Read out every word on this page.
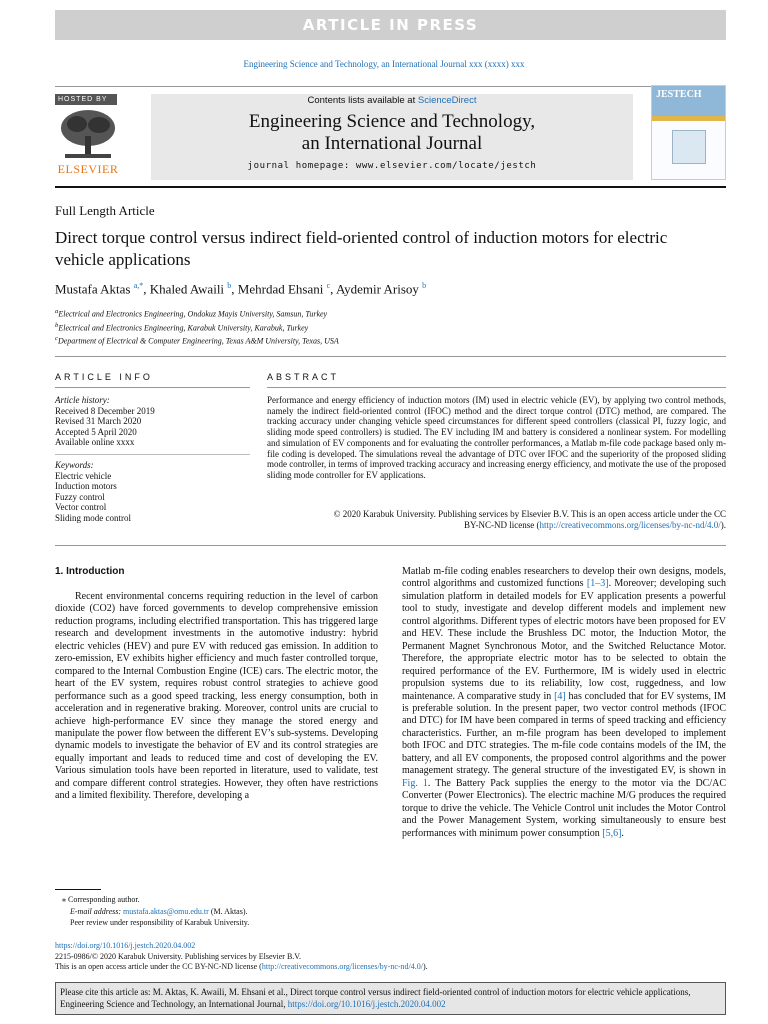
ARTICLE IN PRESS
Engineering Science and Technology, an International Journal xxx (xxxx) xxx
HOSTED BY
ELSEVIER
Contents lists available at ScienceDirect
Engineering Science and Technology,
an International Journal
journal homepage: www.elsevier.com/locate/jestch
JESTECH
Full Length Article
Direct torque control versus indirect field-oriented control of induction motors for electric vehicle applications
Mustafa Aktas $^{a,*}$, Khaled Awaili $^b$, Mehrdad Ehsani $^c$, Aydemir Arisoy $^b$
$^a$Electrical and Electronics Engineering, Ondokuz Mayis University, Samsun, Turkey
$^b$Electrical and Electronics Engineering, Karabuk University, Karabuk, Turkey
$^c$Department of Electrical & Computer Engineering, Texas A&M University, Texas, USA
ARTICLE INFO	ABSTRACT
Article history:
Received 8 December 2019
Revised 31 March 2020
Accepted 5 April 2020
Available online xxxx
Keywords:
Electric vehicle
Induction motors
Fuzzy control
Vector control
Sliding mode control
Performance and energy efficiency of induction motors (IM) used in electric vehicle (EV), by applying two control methods, namely the indirect field-oriented control (IFOC) method and the direct torque control (DTC) method, are compared. The tracking accuracy under changing vehicle speed circumstances for different speed controllers (classical PI, fuzzy logic, and sliding mode speed controllers) is studied. The EV including IM and battery is considered a nonlinear system. For modelling and simulation of EV components and for evaluating the controller performances, a Matlab m-file code package based only m-file coding is developed. The simulations reveal the advantage of DTC over IFOC and the superiority of the proposed sliding mode controller, in terms of improved tracking accuracy and increasing energy efficiency, and motivate the use of the proposed sliding mode controller for EV applications.
© 2020 Karabuk University. Publishing services by Elsevier B.V. This is an open access article under the CC
BY-NC-ND license (http://creativecommons.org/licenses/by-nc-nd/4.0/).
1. Introduction
Recent environmental concerns requiring reduction in the level of carbon dioxide (CO2) have forced governments to develop comprehensive emission reduction programs, including electrified transportation. This has triggered large research and development investments in the automotive industry: hybrid electric vehicles (HEV) and pure EV with reduced gas emission. In addition to zero-emission, EV exhibits higher efficiency and much faster controlled torque, compared to the Internal Combustion Engine (ICE) cars. The electric motor, the heart of the EV system, requires robust control strategies to achieve good performance such as a good speed tracking, less energy consumption, both in acceleration and in regenerative braking. Moreover, control units are crucial to achieve high-performance EV since they manage the stored energy and manipulate the power flow between the different EV’s sub-systems. Developing dynamic models to investigate the behavior of EV and its control strategies are equally important and leads to reduced time and cost of developing the EV. Various simulation tools have been reported in literature, used to validate, test and compare different control strategies. However, they often have restrictions and a limited flexibility. Therefore, developing a
Matlab m-file coding enables researchers to develop their own designs, models, control algorithms and customized functions [1–3]. Moreover; developing such simulation platform in detailed models for EV application presents a powerful tool to study, investigate and develop different models and implement new control algorithms. Different types of electric motors have been proposed for EV and HEV. These include the Brushless DC motor, the Induction Motor, the Permanent Magnet Synchronous Motor, and the Switched Reluctance Motor. Therefore, the appropriate electric motor has to be selected to obtain the required performance of the EV. Furthermore, IM is widely used in electric propulsion systems due to its reliability, low cost, ruggedness, and low maintenance. A comparative study in [4] has concluded that for EV systems, IM is preferable solution. In the present paper, two vector control methods (IFOC and DTC) for IM have been compared in terms of speed tracking and efficiency characteristics. Further, an m-file program has been developed to implement both IFOC and DTC strategies. The m-file code contains models of the IM, the battery, and all EV components, the proposed control algorithms and the power management strategy. The general structure of the investigated EV, is shown in Fig. 1. The Battery Pack supplies the energy to the motor via the DC/AC Converter (Power Electronics). The electric machine M/G produces the required torque to drive the vehicle. The Vehicle Control unit includes the Motor Control and the Power Management System, working simultaneously to ensure best performances with minimum power consumption [5,6].
⁎ Corresponding author.
E-mail address: mustafa.aktas@omu.edu.tr (M. Aktas).
Peer review under responsibility of Karabuk University.
https://doi.org/10.1016/j.jestch.2020.04.002
2215-0986/© 2020 Karabuk University. Publishing services by Elsevier B.V.
This is an open access article under the CC BY-NC-ND license (http://creativecommons.org/licenses/by-nc-nd/4.0/).
Please cite this article as: M. Aktas, K. Awaili, M. Ehsani et al., Direct torque control versus indirect field-oriented control of induction motors for electric vehicle applications, Engineering Science and Technology, an International Journal, https://doi.org/10.1016/j.jestch.2020.04.002
